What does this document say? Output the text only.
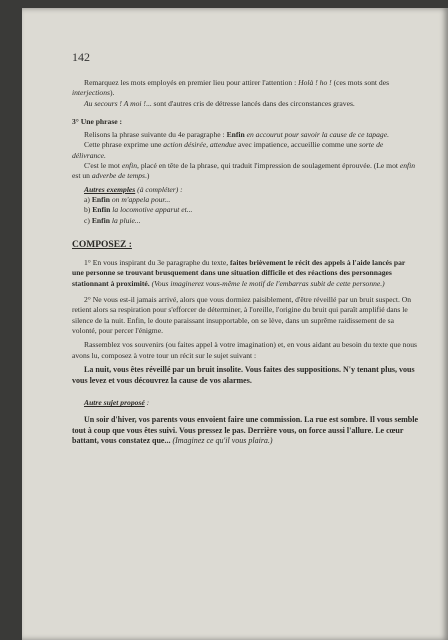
142

Remarquez les mots employés en premier lieu pour attirer l'attention : Holà ! ho ! (ces mots sont des interjections).

Au secours ! A moi !... sont d'autres cris de détresse lancés dans des circonstances graves.

3° Une phrase :

Relisons la phrase suivante du 4e paragraphe : Enfin en accourut pour savoir la cause de ce tapage.

Cette phrase exprime une action désirée, attendue avec impatience, accueillie comme une sorte de délivrance.

C'est le mot enfin, placé en tête de la phrase, qui traduit l'impression de soulagement éprouvée. (Le mot enfin est un adverbe de temps.)

Autres exemples (à compléter) :

a) Enfin on m'appela pour...

b) Enfin la locomotive apparut et...

c) Enfin la pluie...

COMPOSEZ :

1° En vous inspirant du 3e paragraphe du texte, faites brièvement le récit des appels à l'aide lancés par une personne se trouvant brusquement dans une situation difficile et des réactions des personnages stationnant à proximité. (Vous imaginerez vous-même le motif de l'embarras subit de cette personne.)

2° Ne vous est-il jamais arrivé, alors que vous dormiez paisiblement, d'être réveillé par un bruit suspect. On retient alors sa respiration pour s'efforcer de déterminer, à l'oreille, l'origine du bruit qui paraît amplifié dans le silence de la nuit. Enfin, le doute paraissant insupportable, on se lève, dans un suprême raidissement de sa volonté, pour percer l'énigme.

Rassemblez vos souvenirs (ou faites appel à votre imagination) et, en vous aidant au besoin du texte que nous avons lu, composez à votre tour un récit sur le sujet suivant :

La nuit, vous êtes réveillé par un bruit insolite. Vous faites des suppositions. N'y tenant plus, vous vous levez et vous découvrez la cause de vos alarmes.

Autre sujet proposé :

Un soir d'hiver, vos parents vous envoient faire une commission. La rue est sombre. Il vous semble tout à coup que vous êtes suivi. Vous pressez le pas. Derrière vous, on force aussi l'allure. Le cœur battant, vous constatez que... (Imaginez ce qu'il vous plaira.)
